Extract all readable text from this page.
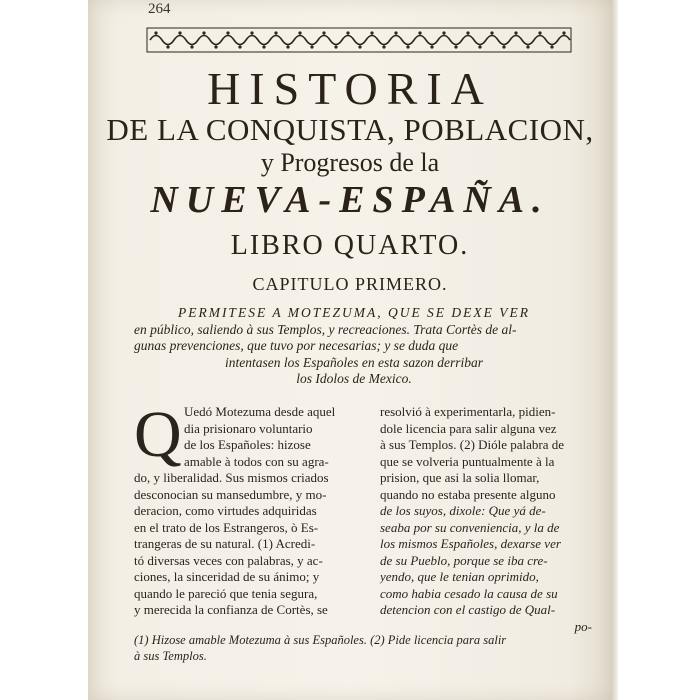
264
HISTORIA
DE LA CONQUISTA, POBLACION,
y Progresos de la
NUEVA-ESPAÑA.
LIBRO QUARTO.
CAPITULO PRIMERO.
PERMITESE A MOTEZUMA, QUE SE DEXE VER
en público, saliendo à sus Templos, y recreaciones. Trata Cortès de al-
gunas prevenciones, que tuvo por necesarias; y se duda que
intentasen los Españoles en esta sazon derribar
los Idolos de Mexico.
Q Uedó Motezuma desde aquel
dia prisionaro voluntario
de los Españoles: hizose
amable à todos con su agra-
do, y liberalidad. Sus mismos criados
desconocian su mansedumbre, y mo-
deracion, como virtudes adquiridas
en el trato de los Estrangeros, ò Es-
trangeras de su natural. (1) Acredi-
tó diversas veces con palabras, y ac-
ciones, la sinceridad de su ánimo; y
quando le pareció que tenia segura,
y merecida la confianza de Cortès, se
resolvió à experimentarla, pidien-
dole licencia para salir alguna vez
à sus Templos. (2) Dióle palabra de
que se volveria puntualmente à la
prision, que asi la solia llomar,
quando no estaba presente alguno
de los suyos, dixole: Que yá de-
seaba por su conveniencia, y la de
los mismos Españoles, dexarse ver
de su Pueblo, porque se iba cre-
yendo, que le tenian oprimido,
como habia cesado la causa de su
detencion con el castigo de Qual-
po-
(1) Hizose amable Motezuma à sus Españoles. (2) Pide licencia para salir
à sus Templos.
